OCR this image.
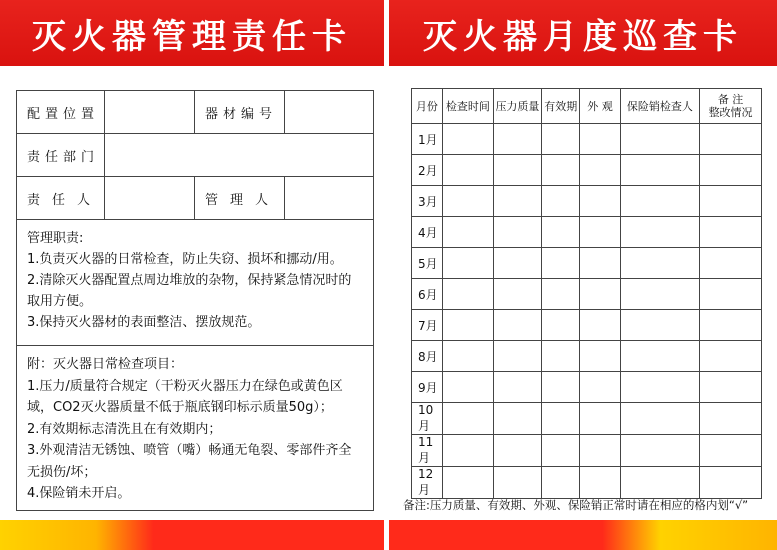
灭火器管理责任卡
配置位置	器材编号
责任部门
责任人	管理人
管理职责:
1.负责灭火器的日常检查，防止失窃、损坏和挪动/用。
2.清除灭火器配置点周边堆放的杂物，保持紧急情况时的取用方便。
3.保持灭火器材的表面整洁、摆放规范。
附：灭火器日常检查项目：
1.压力/质量符合规定（干粉灭火器压力在绿色或黄色区域，CO2灭火器质量不低于瓶底钢印标示质量50g）；
2.有效期标志清洗且在有效期内；
3.外观清洁无锈蚀、喷管（嘴）畅通无龟裂、零部件齐全无损伤/坏；
4.保险销未开启。
灭火器月度巡查卡
月份	检查时间	压力质量	有效期	外 观	保险销检查人	备 注
整改情况
1月						
2月						
3月						
4月						
5月						
6月						
7月						
8月						
9月						
10月						
11月						
12月						
备注:压力质量、有效期、外观、保险销正常时请在相应的格内划“√”
